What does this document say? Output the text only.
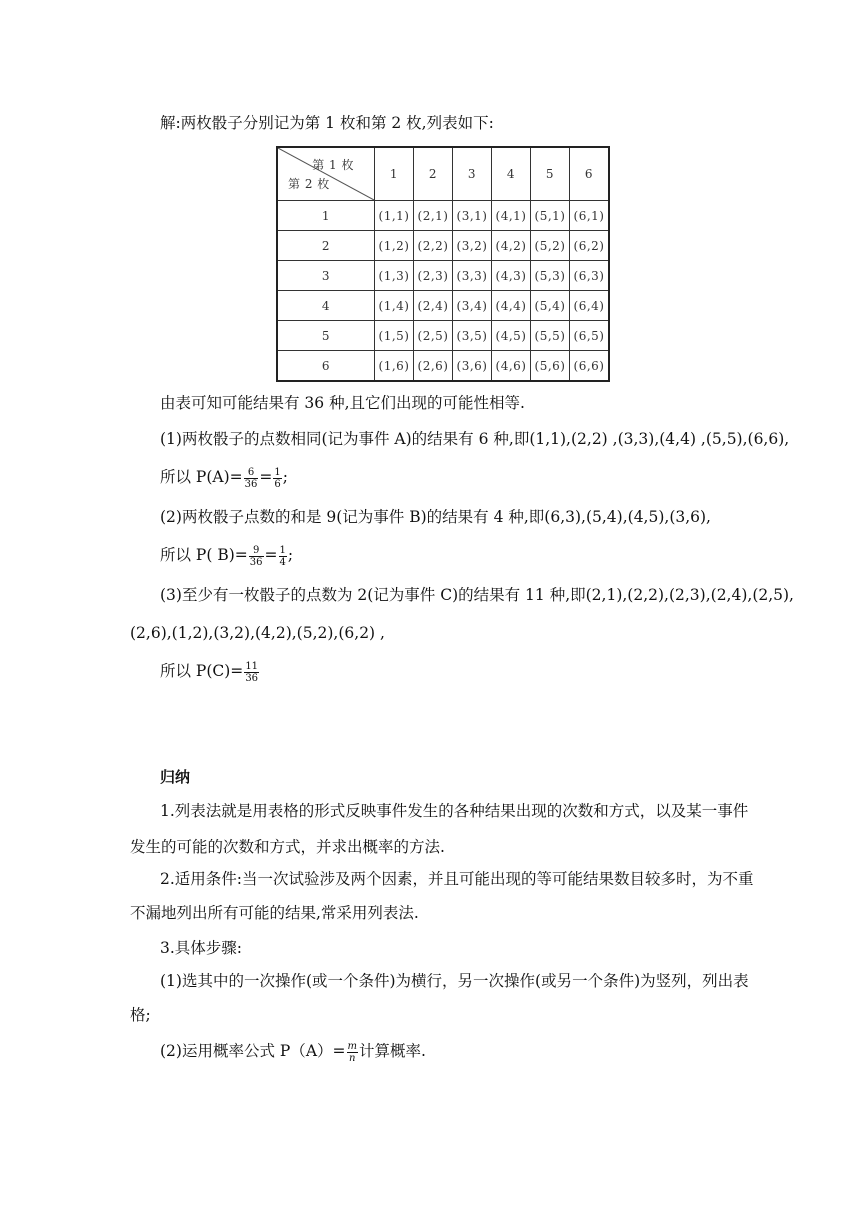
解:两枚骰子分别记为第 1 枚和第 2 枚,列表如下:
第 1 枚
第 2 枚	1	2	3	4	5	6
1	(1,1)	(2,1)	(3,1)	(4,1)	(5,1)	(6,1)
2	(1,2)	(2,2)	(3,2)	(4,2)	(5,2)	(6,2)
3	(1,3)	(2,3)	(3,3)	(4,3)	(5,3)	(6,3)
4	(1,4)	(2,4)	(3,4)	(4,4)	(5,4)	(6,4)
5	(1,5)	(2,5)	(3,5)	(4,5)	(5,5)	(6,5)
6	(1,6)	(2,6)	(3,6)	(4,6)	(5,6)	(6,6)
由表可知可能结果有 36 种,且它们出现的可能性相等.
(1)两枚骰子的点数相同(记为事件 A)的结果有 6 种,即(1,1),(2,2) ,(3,3),(4,4) ,(5,5),(6,6),
所以 $P(A)= \frac{6}{36} = \frac{1}{6}$ ;
(2)两枚骰子点数的和是 9(记为事件 B)的结果有 4 种,即(6,3),(5,4),(4,5),(3,6),
所以 P( $B)= \frac{9}{36} = \frac{1}{4}$ ;
(3)至少有一枚骰子的点数为 2(记为事件 C)的结果有 11 种,即(2,1),(2,2),(2,3),(2,4),(2,5),
(2,6),(1,2),(3,2),(4,2),(5,2),(6,2) ,
所以 $P(C)= \frac{11}{36}$
归纳
1.列表法就是用表格的形式反映事件发生的各种结果出现的次数和方式，以及某一事件
发生的可能的次数和方式，并求出概率的方法.
2.适用条件:当一次试验涉及两个因素，并且可能出现的等可能结果数目较多时，为不重
不漏地列出所有可能的结果,常采用列表法.
3.具体步骤:
(1)选其中的一次操作(或一个条件)为横行，另一次操作(或另一个条件)为竖列，列出表
格;
(2)运用概率公式 $P(A)= \frac{m}{n}$ 计算概率.
